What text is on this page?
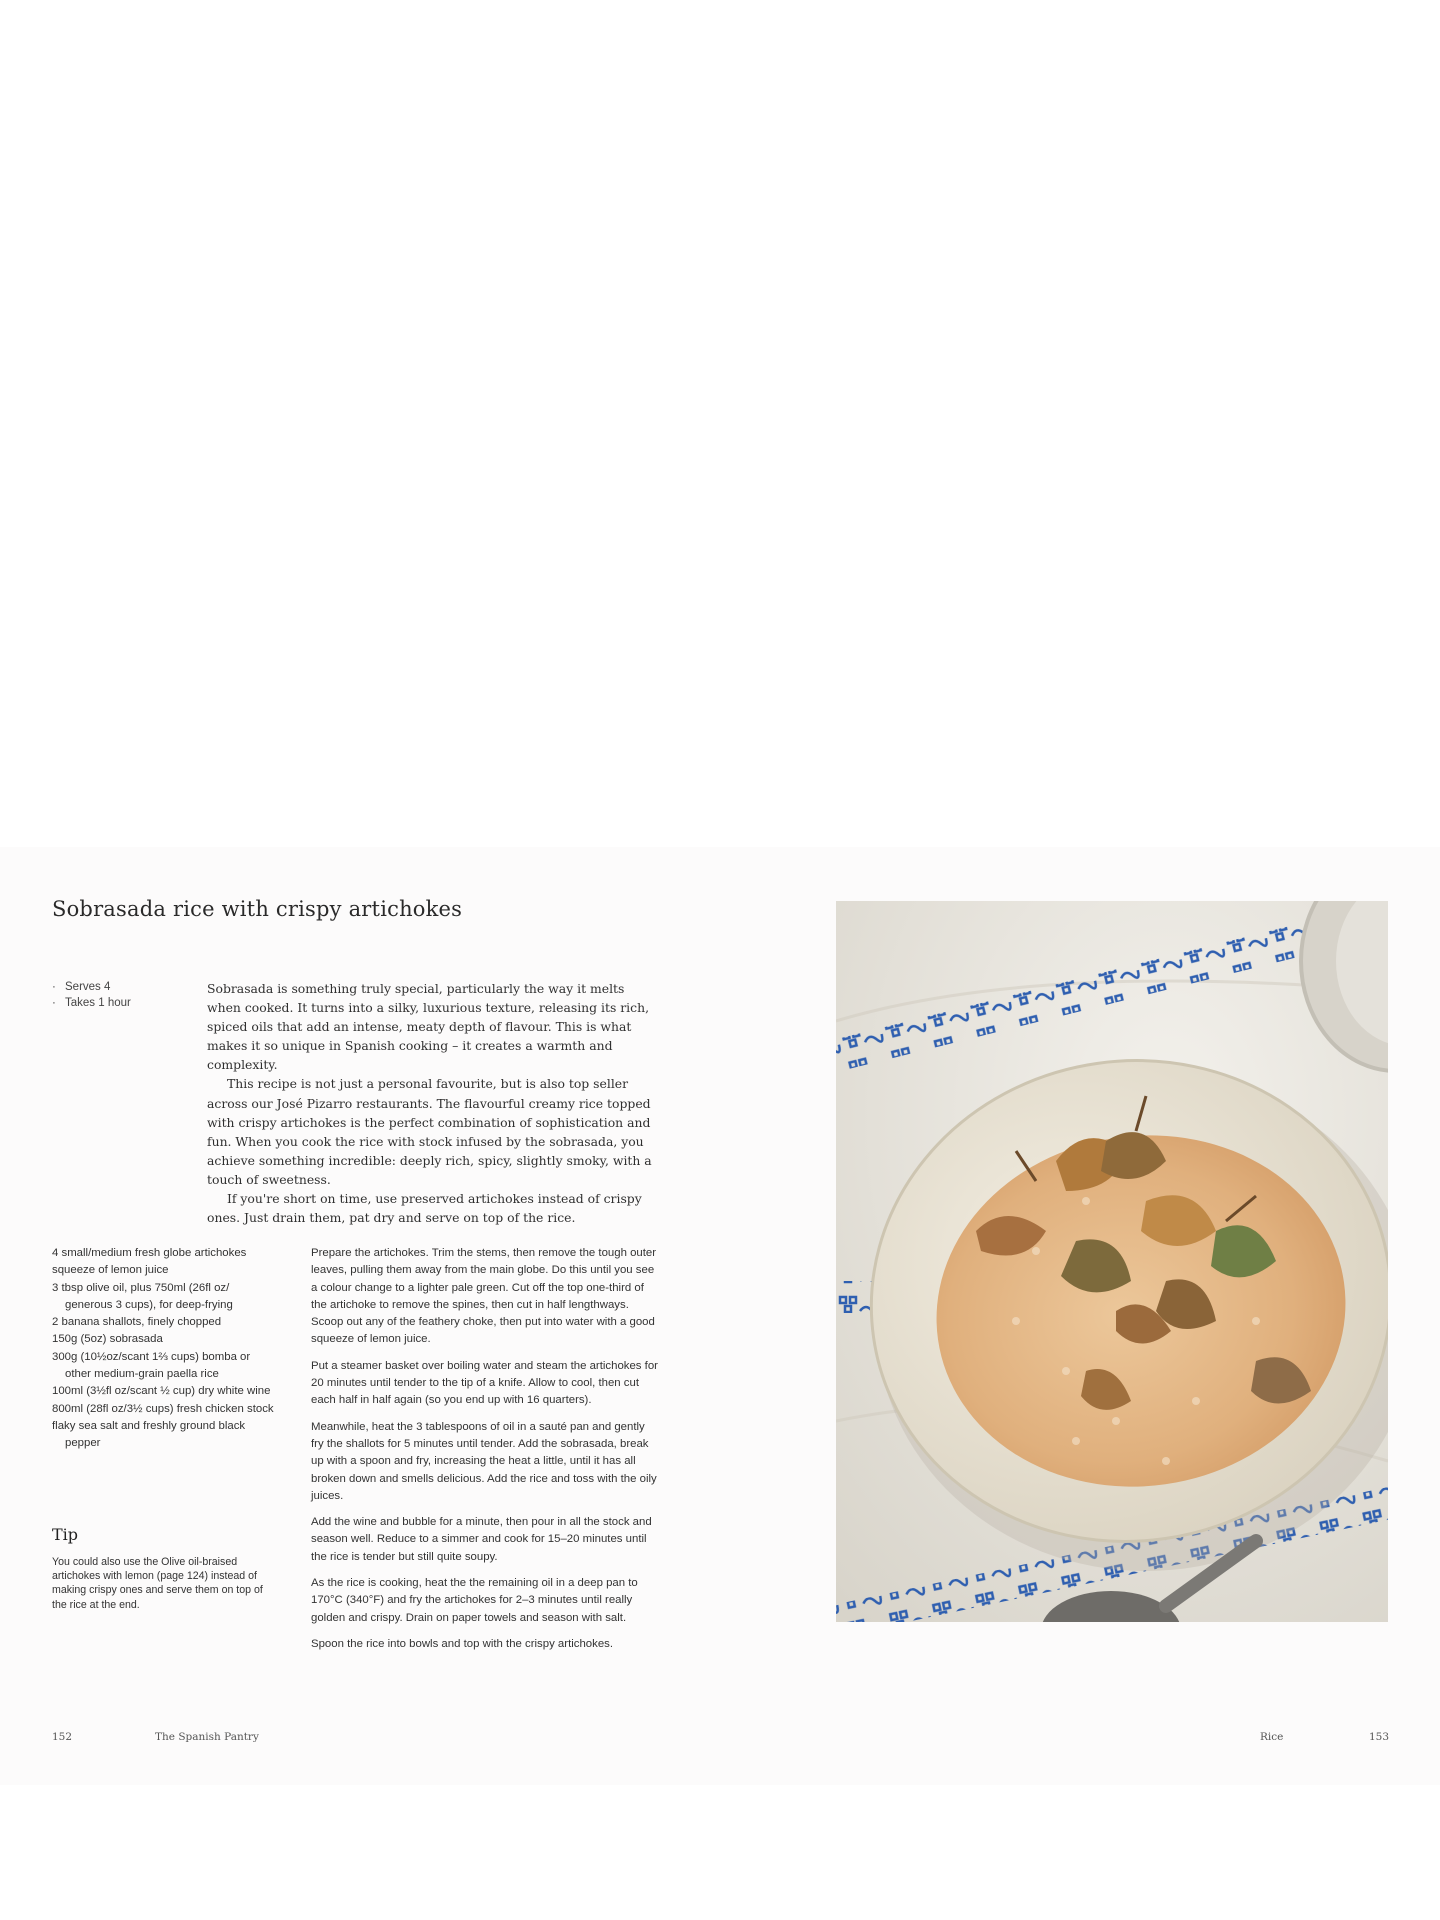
Sobrasada rice with crispy artichokes
· Serves 4
· Takes 1 hour

Sobrasada is something truly special, particularly the way it melts when cooked. It turns into a silky, luxurious texture, releasing its rich, spiced oils that add an intense, meaty depth of flavour. This is what makes it so unique in Spanish cooking – it creates a warmth and complexity.

This recipe is not just a personal favourite, but is also top seller across our José Pizarro restaurants. The flavourful creamy rice topped with crispy artichokes is the perfect combination of sophistication and fun. When you cook the rice with stock infused by the sobrasada, you achieve something incredible: deeply rich, spicy, slightly smoky, with a touch of sweetness.

If you're short on time, use preserved artichokes instead of crispy ones. Just drain them, pat dry and serve on top of the rice.

4 small/medium fresh globe artichokes
squeeze of lemon juice
3 tbsp olive oil, plus 750ml (26fl oz/ generous 3 cups), for deep-frying
2 banana shallots, finely chopped
150g (5oz) sobrasada
300g (10½oz/scant 1⅔ cups) bomba or other medium-grain paella rice
100ml (3½fl oz/scant ½ cup) dry white wine
800ml (28fl oz/3½ cups) fresh chicken stock
flaky sea salt and freshly ground black pepper
Tip
You could also use the Olive oil-braised artichokes with lemon (page 124) instead of making crispy ones and serve them on top of the rice at the end.

Prepare the artichokes. Trim the stems, then remove the tough outer leaves, pulling them away from the main globe. Do this until you see a colour change to a lighter pale green. Cut off the top one-third of the artichoke to remove the spines, then cut in half lengthways. Scoop out any of the feathery choke, then put into water with a good squeeze of lemon juice.

Put a steamer basket over boiling water and steam the artichokes for 20 minutes until tender to the tip of a knife. Allow to cool, then cut each half in half again (so you end up with 16 quarters).

Meanwhile, heat the 3 tablespoons of oil in a sauté pan and gently fry the shallots for 5 minutes until tender. Add the sobrasada, break up with a spoon and fry, increasing the heat a little, until it has all broken down and smells delicious. Add the rice and toss with the oily juices.

Add the wine and bubble for a minute, then pour in all the stock and season well. Reduce to a simmer and cook for 15–20 minutes until the rice is tender but still quite soupy.

As the rice is cooking, heat the the remaining oil in a deep pan to 170°C (340°F) and fry the artichokes for 2–3 minutes until really golden and crispy. Drain on paper towels and season with salt.

Spoon the rice into bowls and top with the crispy artichokes.

152	The Spanish Pantry	Rice	153
